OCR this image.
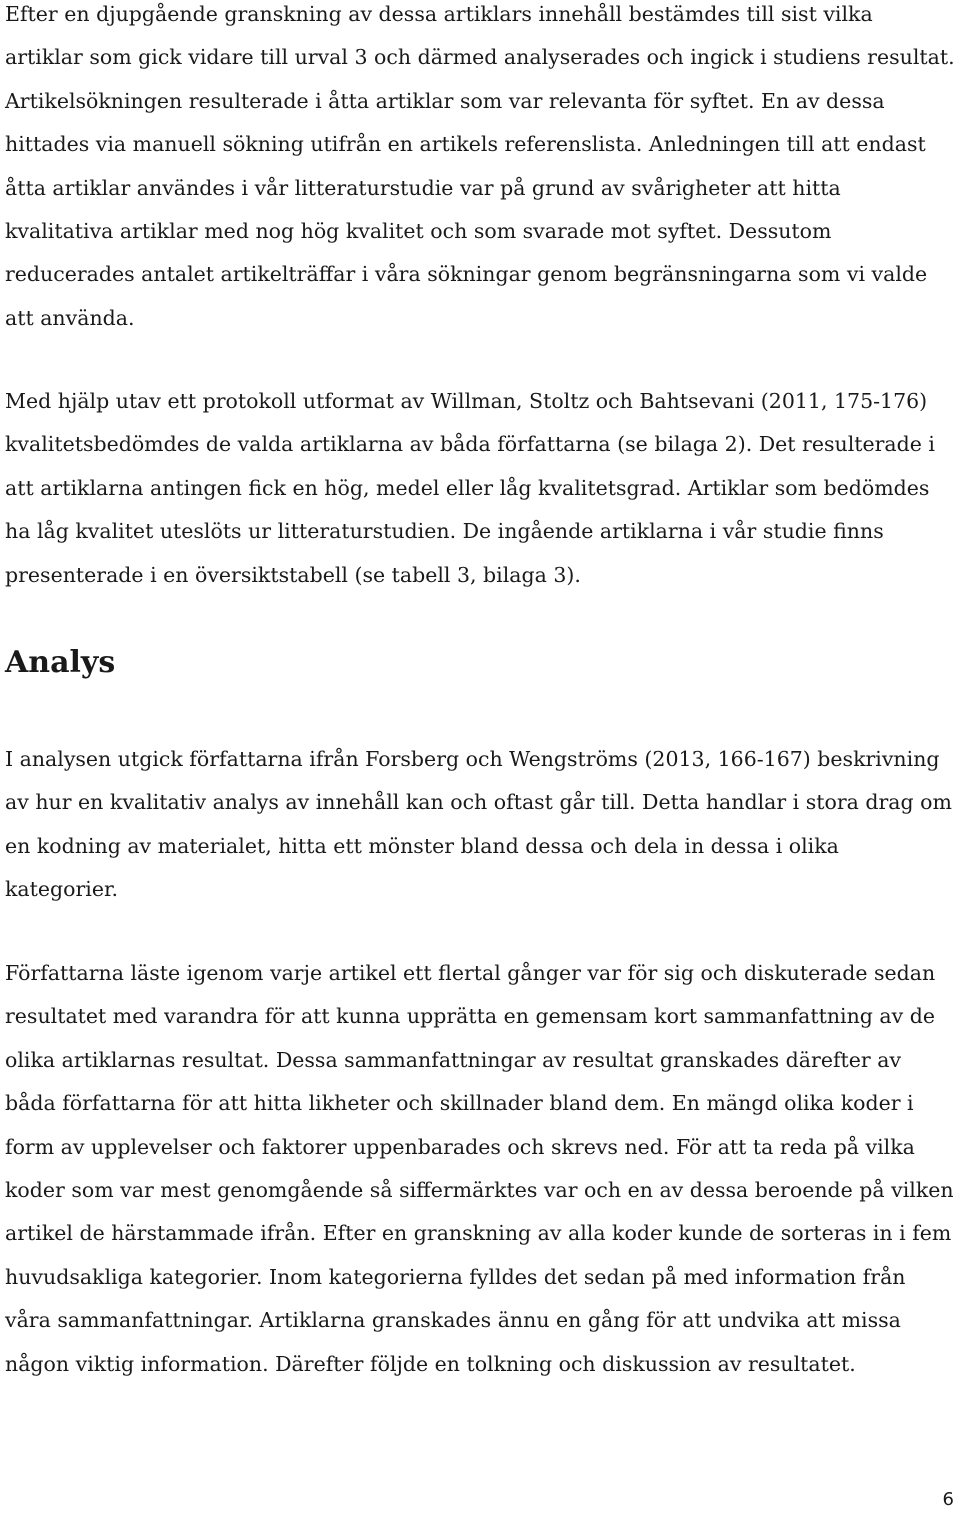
Efter en djupgående granskning av dessa artiklars innehåll bestämdes till sist vilka artiklar som gick vidare till urval 3 och därmed analyserades och ingick i studiens resultat. Artikelsökningen resulterade i åtta artiklar som var relevanta för syftet. En av dessa hittades via manuell sökning utifrån en artikels referenslista. Anledningen till att endast åtta artiklar användes i vår litteraturstudie var på grund av svårigheter att hitta kvalitativa artiklar med nog hög kvalitet och som svarade mot syftet. Dessutom reducerades antalet artikelträffar i våra sökningar genom begränsningarna som vi valde att använda.

Med hjälp utav ett protokoll utformat av Willman, Stoltz och Bahtsevani (2011, 175-176) kvalitetsbedömdes de valda artiklarna av båda författarna (se bilaga 2). Det resulterade i att artiklarna antingen fick en hög, medel eller låg kvalitetsgrad. Artiklar som bedömdes ha låg kvalitet uteslöts ur litteraturstudien. De ingående artiklarna i vår studie finns presenterade i en översiktstabell (se tabell 3, bilaga 3).

Analys

I analysen utgick författarna ifrån Forsberg och Wengströms (2013, 166-167) beskrivning av hur en kvalitativ analys av innehåll kan och oftast går till. Detta handlar i stora drag om en kodning av materialet, hitta ett mönster bland dessa och dela in dessa i olika kategorier.

Författarna läste igenom varje artikel ett flertal gånger var för sig och diskuterade sedan resultatet med varandra för att kunna upprätta en gemensam kort sammanfattning av de olika artiklarnas resultat. Dessa sammanfattningar av resultat granskades därefter av båda författarna för att hitta likheter och skillnader bland dem. En mängd olika koder i form av upplevelser och faktorer uppenbarades och skrevs ned. För att ta reda på vilka koder som var mest genomgående så siffermärktes var och en av dessa beroende på vilken artikel de härstammade ifrån. Efter en granskning av alla koder kunde de sorteras in i fem huvudsakliga kategorier. Inom kategorierna fylldes det sedan på med information från våra sammanfattningar. Artiklarna granskades ännu en gång för att undvika att missa någon viktig information. Därefter följde en tolkning och diskussion av resultatet.

6
